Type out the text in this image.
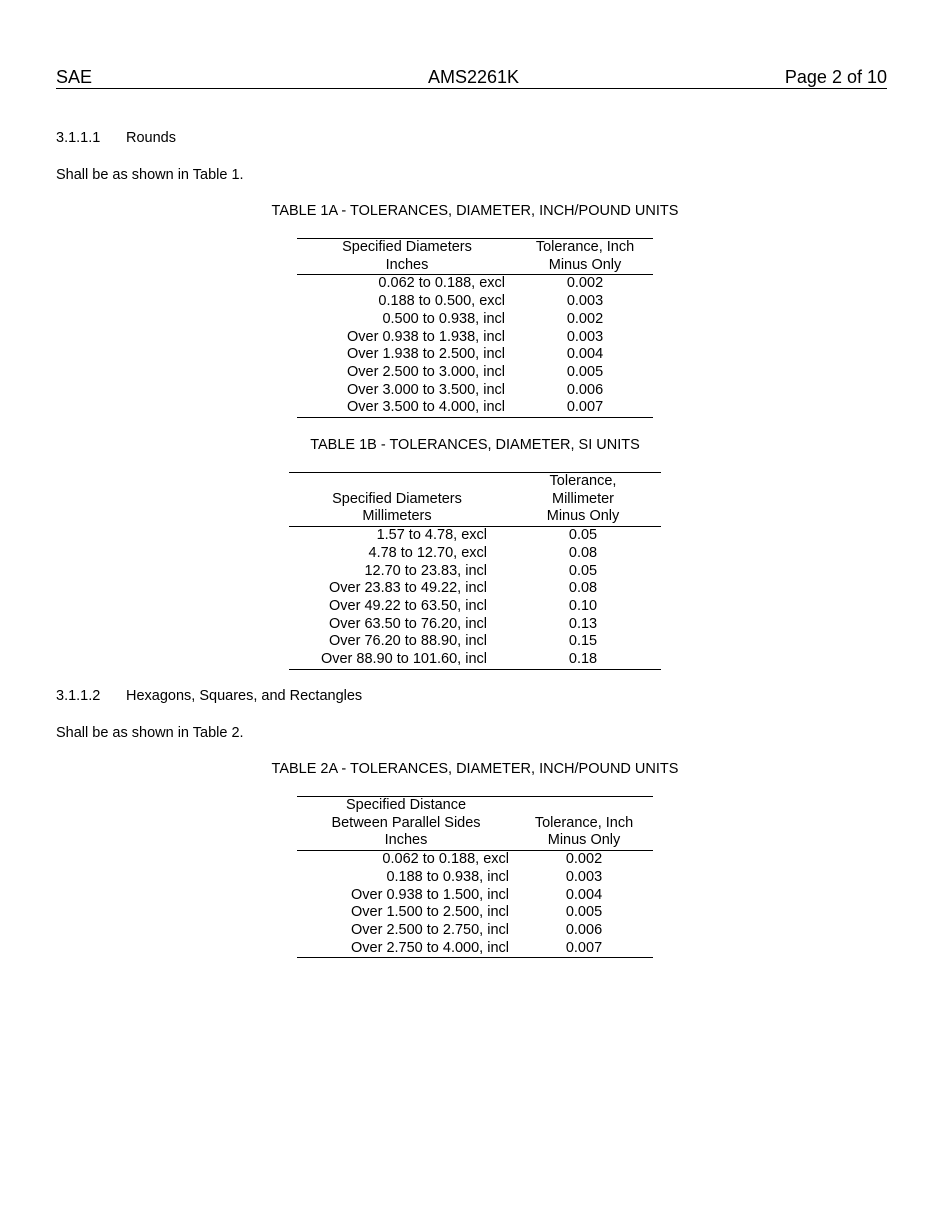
SAE	AMS2261K	Page 2 of 10
3.1.1.1 Rounds
Shall be as shown in Table 1.
TABLE 1A - TOLERANCES, DIAMETER, INCH/POUND UNITS
Specified Diameters	Tolerance, Inch
Inches	Minus Only
0.062 to 0.188, excl	0.002
0.188 to 0.500, excl	0.003
0.500 to 0.938, incl	0.002
Over 0.938 to 1.938, incl	0.003
Over 1.938 to 2.500, incl	0.004
Over 2.500 to 3.000, incl	0.005
Over 3.000 to 3.500, incl	0.006
Over 3.500 to 4.000, incl	0.007
TABLE 1B - TOLERANCES, DIAMETER, SI UNITS
	Tolerance,
Specified Diameters	Millimeter
Millimeters	Minus Only
1.57 to 4.78, excl	0.05
4.78 to 12.70, excl	0.08
12.70 to 23.83, incl	0.05
Over 23.83 to 49.22, incl	0.08
Over 49.22 to 63.50, incl	0.10
Over 63.50 to 76.20, incl	0.13
Over 76.20 to 88.90, incl	0.15
Over 88.90 to 101.60, incl	0.18
3.1.1.2 Hexagons, Squares, and Rectangles
Shall be as shown in Table 2.
TABLE 2A - TOLERANCES, DIAMETER, INCH/POUND UNITS
Specified Distance	
Between Parallel Sides	Tolerance, Inch
Inches	Minus Only
0.062 to 0.188, excl	0.002
0.188 to 0.938, incl	0.003
Over 0.938 to 1.500, incl	0.004
Over 1.500 to 2.500, incl	0.005
Over 2.500 to 2.750, incl	0.006
Over 2.750 to 4.000, incl	0.007
